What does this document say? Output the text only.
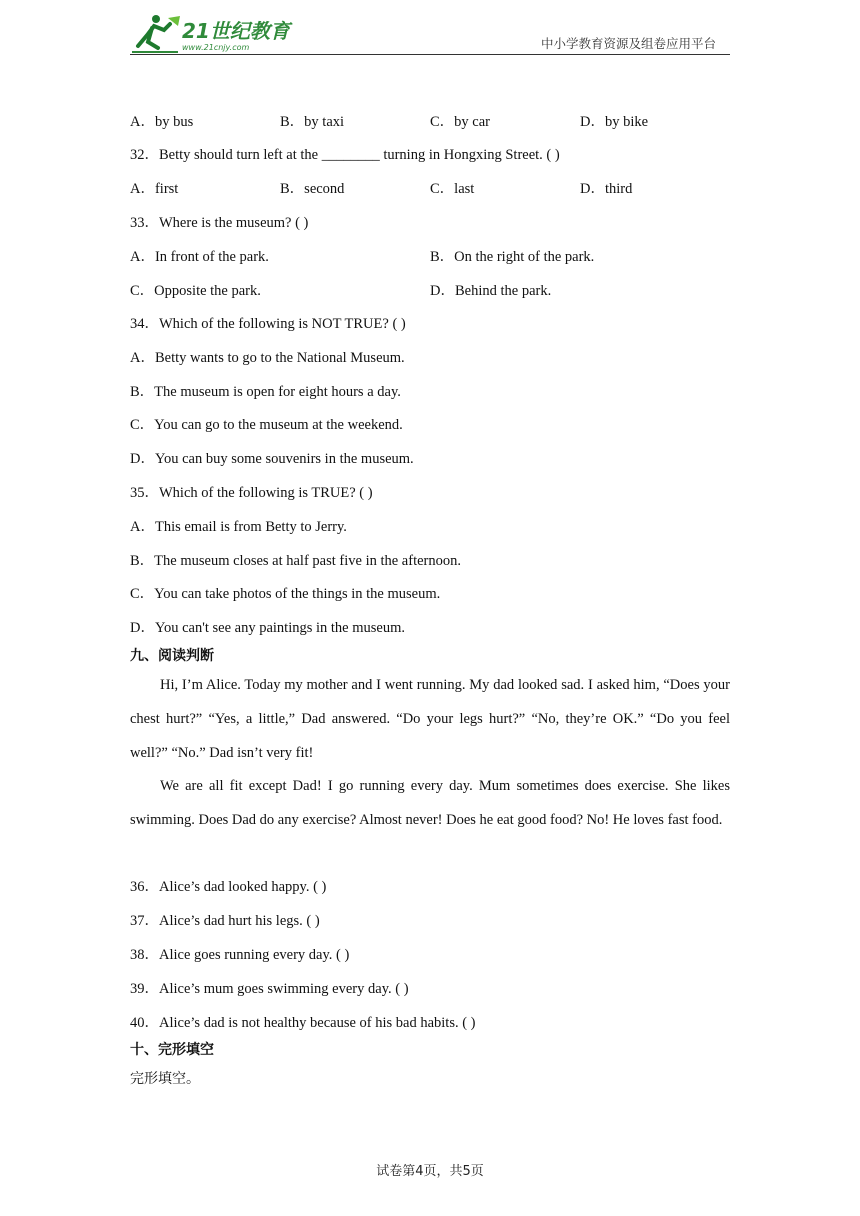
21世纪教育
www.21cnjy.com	中小学教育资源及组卷应用平台
A．by bus	B．by taxi	C．by car	D．by bike
32．Betty should turn left at the ________ turning in Hongxing Street. ( )
A．first	B．second	C．last	D．third
33．Where is the museum? ( )
A．In front of the park.	B．On the right of the park.
C．Opposite the park.	D．Behind the park.
34．Which of the following is NOT TRUE? ( )
A．Betty wants to go to the National Museum.
B．The museum is open for eight hours a day.
C．You can go to the museum at the weekend.
D．You can buy some souvenirs in the museum.
35．Which of the following is TRUE? ( )
A．This email is from Betty to Jerry.
B．The museum closes at half past five in the afternoon.
C．You can take photos of the things in the museum.
D．You can't see any paintings in the museum.
九、阅读判断
Hi, I’m Alice. Today my mother and I went running. My dad looked sad. I asked him, “Does your chest hurt?” “Yes, a little,” Dad answered. “Do your legs hurt?” “No, they’re OK.” “Do you feel well?” “No.” Dad isn’t very fit!
We are all fit except Dad! I go running every day. Mum sometimes does exercise. She likes swimming. Does Dad do any exercise? Almost never! Does he eat good food? No! He loves fast food.
36．Alice’s dad looked happy. ( )
37．Alice’s dad hurt his legs. ( )
38．Alice goes running every day. ( )
39．Alice’s mum goes swimming every day. ( )
40．Alice’s dad is not healthy because of his bad habits. ( )
十、完形填空
完形填空。
试卷第4页，共5页
